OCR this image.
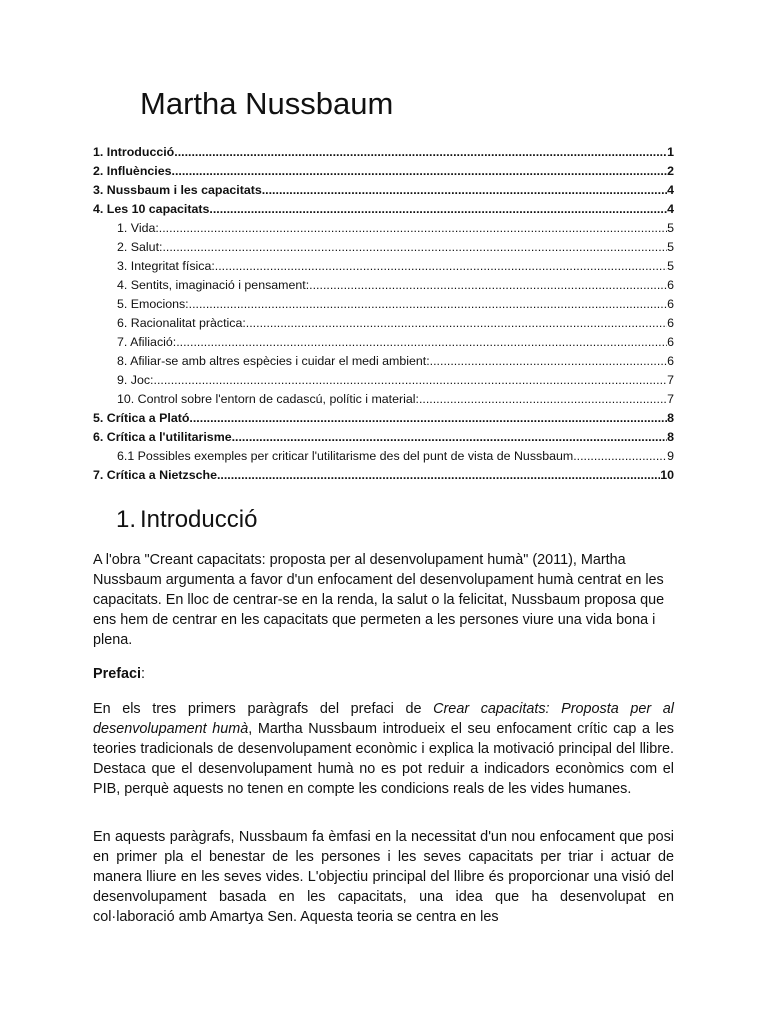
Martha Nussbaum
1. Introducció .....	1
2. Influències .....	2
3. Nussbaum i les capacitats .....	4
4. Les 10 capacitats .....	4
1. Vida: .....	5
2. Salut: .....	5
3. Integritat física: .....	5
4. Sentits, imaginació i pensament: .....	6
5. Emocions: .....	6
6. Racionalitat pràctica: .....	6
7. Afiliació: .....	6
8. Afiliar-se amb altres espècies i cuidar el medi ambient: .....	6
9. Joc: .....	7
10. Control sobre l'entorn de cadascú, polític i material: .....	7
5. Crítica a Plató .....	8
6. Crítica a l'utilitarisme .....	8
6.1 Possibles exemples per criticar l'utilitarisme des del punt de vista de Nussbaum .....	9
7. Crítica a Nietzsche .....	10
1. Introducció

A l'obra "Creant capacitats: proposta per al desenvolupament humà" (2011), Martha Nussbaum argumenta a favor d'un enfocament del desenvolupament humà centrat en les capacitats. En lloc de centrar-se en la renda, la salut o la felicitat, Nussbaum proposa que ens hem de centrar en les capacitats que permeten a les persones viure una vida bona i plena.

Prefaci:

En els tres primers paràgrafs del prefaci de Crear capacitats: Proposta per al desenvolupament humà, Martha Nussbaum introdueix el seu enfocament crític cap a les teories tradicionals de desenvolupament econòmic i explica la motivació principal del llibre. Destaca que el desenvolupament humà no es pot reduir a indicadors econòmics com el PIB, perquè aquests no tenen en compte les condicions reals de les vides humanes.

En aquests paràgrafs, Nussbaum fa èmfasi en la necessitat d'un nou enfocament que posi en primer pla el benestar de les persones i les seves capacitats per triar i actuar de manera lliure en les seves vides. L'objectiu principal del llibre és proporcionar una visió del desenvolupament basada en les capacitats, una idea que ha desenvolupat en col·laboració amb Amartya Sen. Aquesta teoria se centra en les
